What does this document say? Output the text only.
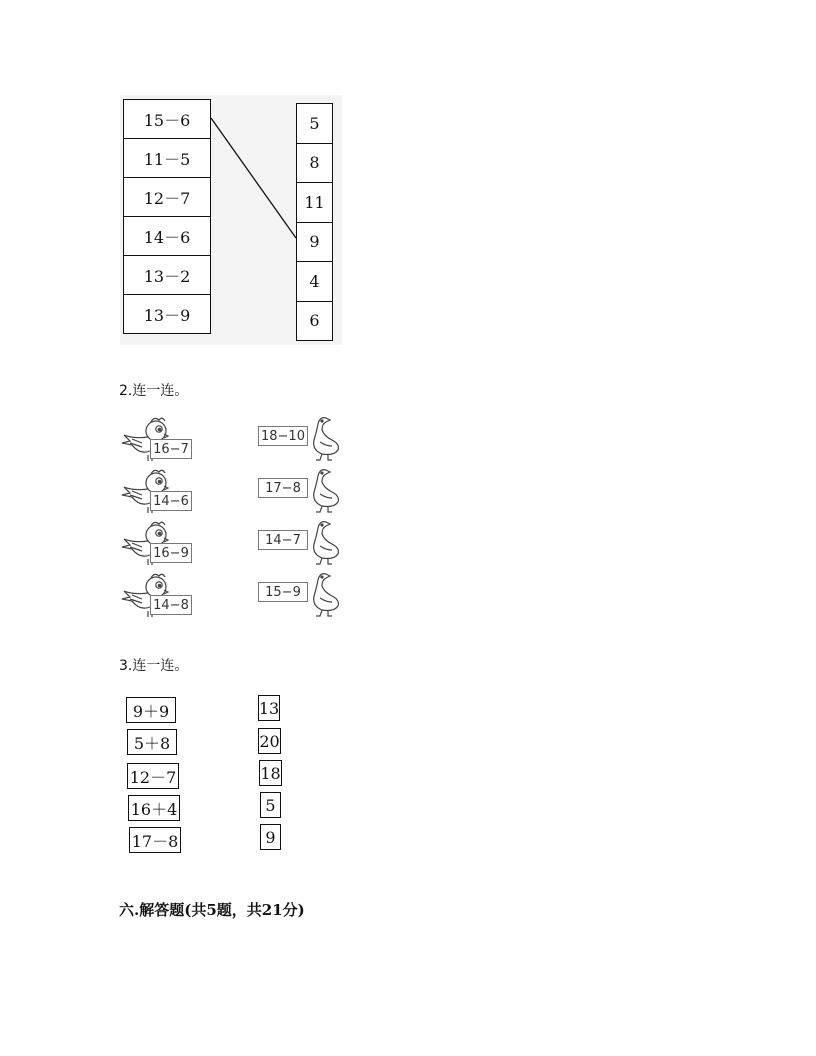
15－6
11－5
12－7
14－6
13－2
13－9
5
8
11
9
4
6
2.连一连。
16−7
14−6
16−9
14−8
18−10
17−8
14−7
15−9
3.连一连。
9＋9
5＋8
12－7
16＋4
17－8
13
20
18
5
9
六.解答题(共5题，共21分)
